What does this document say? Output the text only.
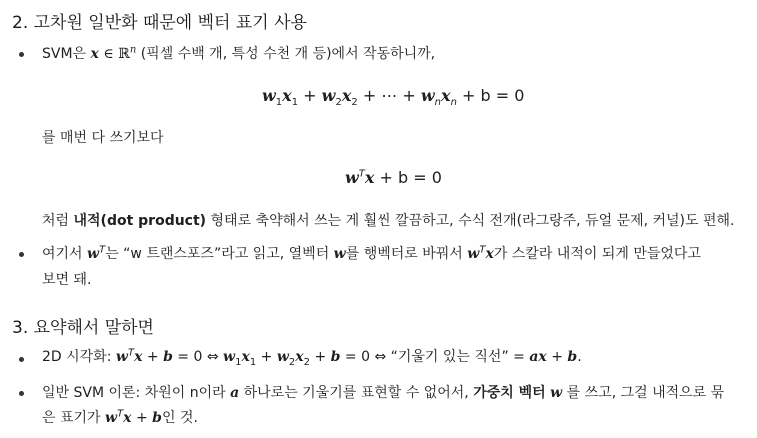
2. 고차원 일반화 때문에 벡터 표기 사용
SVM은 x ∈ ℝ$^n$ (픽셀 수백 개, 특성 수천 개 등)에서 작동하니까,
$w_1x_1 + w_2x_2$ + ⋯ + $w_nx_n + b = 0$
를 매번 다 쓰기보다
$w^Tx + b = 0$
처럼 내적(dot product) 형태로 축약해서 쓰는 게 훨씬 깔끔하고, 수식 전개(라그랑주, 듀얼 문제, 커널)도 편해.
여기서 $w^T$는 “w 트랜스포즈”라고 읽고, 열벡터 w를 행벡터로 바꿔서 $w^Tx$가 스칼라 내적이 되게 만들었다고
보면 돼.
3. 요약해서 말하면
2D 시각화: $w^Tx + b = 0$ ⇔ $w_1x_1 + w_2x_2 + b = 0$ ⇔ “기울기 있는 직선” = ax + b.
일반 SVM 이론: 차원이 n이라 a 하나로는 기울기를 표현할 수 없어서, 가중치 벡터 w 를 쓰고, 그걸 내적으로 묶
은 표기가 $w^Tx + b$인 것.
